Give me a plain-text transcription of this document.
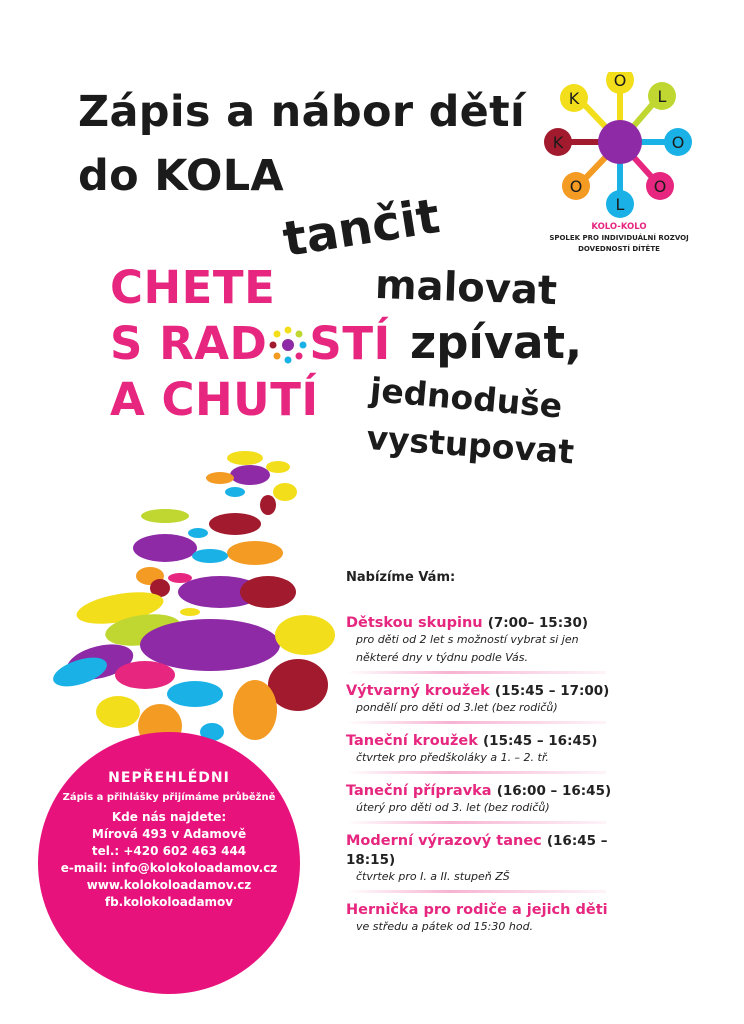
Zápis a nábor dětí
do KOLA
K
O
L
O
K
O
L
O
KOLO-KOLO
SPOLEK PRO INDIVIDUÁLNÍ ROZVOJ
DOVEDNOSTÍ DÍTĚTE
CHETE
S RAD STÍ
A CHUTÍ
tančit
malovat
zpívat,
jednoduše
vystupovat
Nabízíme Vám:
Dětskou skupinu (7:00– 15:30)
pro děti od 2 let s možností vybrat si jen
některé dny v týdnu podle Vás.
Výtvarný kroužek (15:45 – 17:00)
pondělí pro děti od 3.let (bez rodičů)
Taneční kroužek (15:45 – 16:45)
čtvrtek pro předškoláky a 1. – 2. tř.
Taneční přípravka (16:00 – 16:45)
úterý pro děti od 3. let (bez rodičů)
Moderní výrazový tanec (16:45 –18:15)
čtvrtek pro I. a II. stupeň ZŠ
Hernička pro rodiče a jejich děti
ve středu a pátek od 15:30 hod.
NEPŘEHLÉDNI
Zápis a přihlášky přijímáme průběžně
Kde nás najdete:
Mírová 493 v Adamově
tel.: +420 602 463 444
e-mail: info@kolokoloadamov.cz
www.kolokoloadamov.cz
fb.kolokoloadamov
